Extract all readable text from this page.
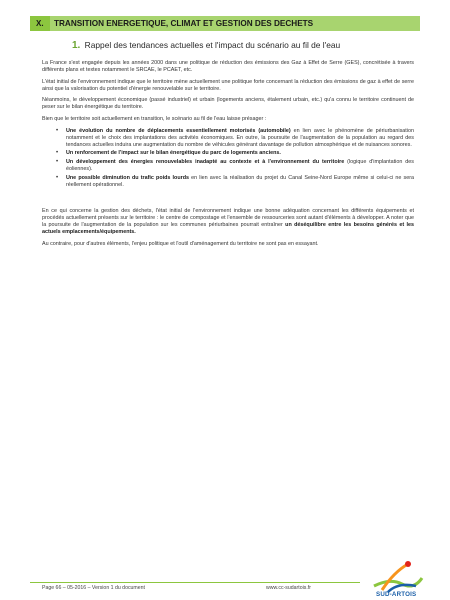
X.	TRANSITION ENERGETIQUE, CLIMAT ET GESTION DES DECHETS
1. Rappel des tendances actuelles et l'impact du scénario au fil de l'eau

La France s'est engagée depuis les années 2000 dans une politique de réduction des émissions des Gaz à Effet de Serre (GES), concrétisée à travers différents plans et textes notamment le SRCAE, le PCAET, etc.

L'état initial de l'environnement indique que le territoire mène actuellement une politique forte concernant la réduction des émissions de gaz à effet de serre ainsi que la valorisation du potentiel d'énergie renouvelable sur le territoire.

Néanmoins, le développement économique (passé industriel) et urbain (logements anciens, étalement urbain, etc.) qu'a connu le territoire continuent de peser sur le bilan énergétique du territoire.

Bien que le territoire soit actuellement en transition, le scénario au fil de l'eau laisse présager :

• Une évolution du nombre de déplacements essentiellement motorisés (automobile) en lien avec le phénomène de périurbanisation notamment et le choix des implantations des activités économiques. En outre, la poursuite de l'augmentation de la population au regard des tendances actuelles induira une augmentation du nombre de véhicules générant davantage de pollution atmosphérique et de nuisances sonores.
• Un renforcement de l'impact sur le bilan énergétique du parc de logements anciens.
• Un développement des énergies renouvelables inadapté au contexte et à l'environnement du territoire (logique d'implantation des éoliennes).
• Une possible diminution du trafic poids lourds en lien avec la réalisation du projet du Canal Seine-Nord Europe même si celui-ci ne sera réellement opérationnel.

En ce qui concerne la gestion des déchets, l'état initial de l'environnement indique une bonne adéquation concernant les différents équipements et procédés actuellement présents sur le territoire : le centre de compostage et l'ensemble de ressourceries sont autant d'éléments à développer. A noter que la poursuite de l'augmentation de la population sur les communes périurbaines pourrait entraîner un déséquilibre entre les besoins générés et les actuels emplacements/équipements.

Au contraire, pour d'autres éléments, l'enjeu politique et l'outil d'aménagement du territoire ne sont pas en essayant.

Page 66 – 05-2016 – Version 1 du document	www.cc-sudartois.fr
SUD-ARTOIS
